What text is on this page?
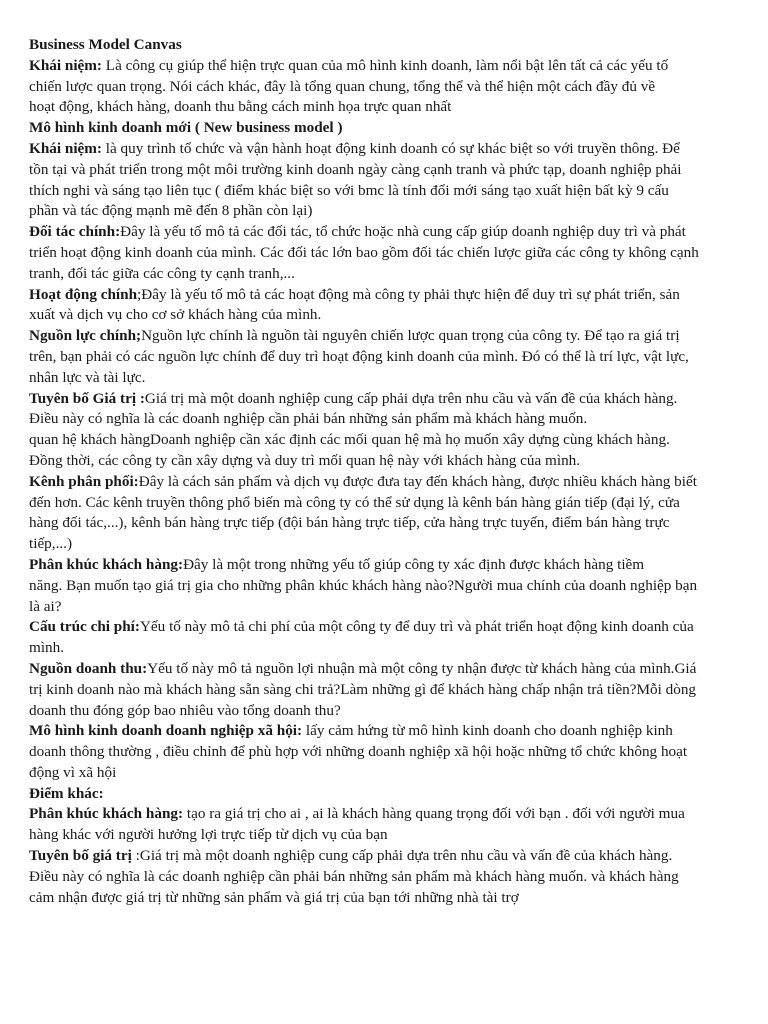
Business Model Canvas

Khái niệm: Là công cụ giúp thể hiện trực quan của mô hình kinh doanh, làm nổi bật lên tất cả các yếu tố

chiến lược quan trọng. Nói cách khác, đây là tổng quan chung, tổng thể và thể hiện một cách đầy đủ về

hoạt động, khách hàng, doanh thu bằng cách minh họa trực quan nhất

Mô hình kinh doanh mới ( New business model )

Khái niệm: là quy trình tổ chức và vận hành hoạt động kinh doanh có sự khác biệt so với truyền thông. Để

tồn tại và phát triển trong một môi trường kinh doanh ngày càng cạnh tranh và phức tạp, doanh nghiệp phải

thích nghi và sáng tạo liên tục ( điểm khác biệt so với bmc là tính đổi mới sáng tạo xuất hiện bất kỳ 9 cấu

phần và tác động mạnh mẽ đến 8 phần còn lại)

Đối tác chính:Đây là yếu tố mô tả các đối tác, tổ chức hoặc nhà cung cấp giúp doanh nghiệp duy trì và phát

triển hoạt động kinh doanh của mình. Các đối tác lớn bao gồm đối tác chiến lược giữa các công ty không cạnh

tranh, đối tác giữa các công ty cạnh tranh,...

Hoạt động chính;Đây là yếu tố mô tả các hoạt động mà công ty phải thực hiện để duy trì sự phát triển, sản

xuất và dịch vụ cho cơ sở khách hàng của mình.

Nguồn lực chính;Nguồn lực chính là nguồn tài nguyên chiến lược quan trọng của công ty. Để tạo ra giá trị

trên, bạn phải có các nguồn lực chính để duy trì hoạt động kinh doanh của mình. Đó có thể là trí lực, vật lực,

nhân lực và tài lực.

Tuyên bố Giá trị :Giá trị mà một doanh nghiệp cung cấp phải dựa trên nhu cầu và vấn đề của khách hàng.

Điều này có nghĩa là các doanh nghiệp cần phải bán những sản phẩm mà khách hàng muốn.

quan hệ khách hàngDoanh nghiệp cần xác định các mối quan hệ mà họ muốn xây dựng cùng khách hàng.

Đồng thời, các công ty cần xây dựng và duy trì mối quan hệ này với khách hàng của mình.

Kênh phân phối:Đây là cách sản phẩm và dịch vụ được đưa tay đến khách hàng, được nhiều khách hàng biết

đến hơn. Các kênh truyền thông phổ biến mà công ty có thể sử dụng là kênh bán hàng gián tiếp (đại lý, cửa

hàng đối tác,...), kênh bán hàng trực tiếp (đội bán hàng trực tiếp, cửa hàng trực tuyến, điểm bán hàng trực

tiếp,...)

Phân khúc khách hàng:Đây là một trong những yếu tố giúp công ty xác định được khách hàng tiềm

năng. Bạn muốn tạo giá trị gia cho những phân khúc khách hàng nào?Người mua chính của doanh nghiệp bạn

là ai?

Cấu trúc chi phí:Yếu tố này mô tả chi phí của một công ty để duy trì và phát triển hoạt động kinh doanh của

mình.

Nguồn doanh thu:Yếu tố này mô tả nguồn lợi nhuận mà một công ty nhận được từ khách hàng của mình.Giá

trị kinh doanh nào mà khách hàng sẵn sàng chi trả?Làm những gì để khách hàng chấp nhận trả tiền?Mỗi dòng

doanh thu đóng góp bao nhiêu vào tổng doanh thu?

Mô hình kinh doanh doanh nghiệp xã hội: lấy cảm hứng từ mô hình kinh doanh cho doanh nghiệp kinh

doanh thông thường , điều chỉnh để phù hợp với những doanh nghiệp xã hội hoặc những tổ chức không hoạt

động vì xã hội

Điểm khác:

Phân khúc khách hàng: tạo ra giá trị cho ai , ai là khách hàng quang trọng đối với bạn . đối với người mua

hàng khác với người hưởng lợi trực tiếp từ dịch vụ của bạn

Tuyên bố giá trị :Giá trị mà một doanh nghiệp cung cấp phải dựa trên nhu cầu và vấn đề của khách hàng.

Điều này có nghĩa là các doanh nghiệp cần phải bán những sản phẩm mà khách hàng muốn. và khách hàng

cảm nhận được giá trị từ những sản phẩm và giá trị của bạn tới những nhà tài trợ
